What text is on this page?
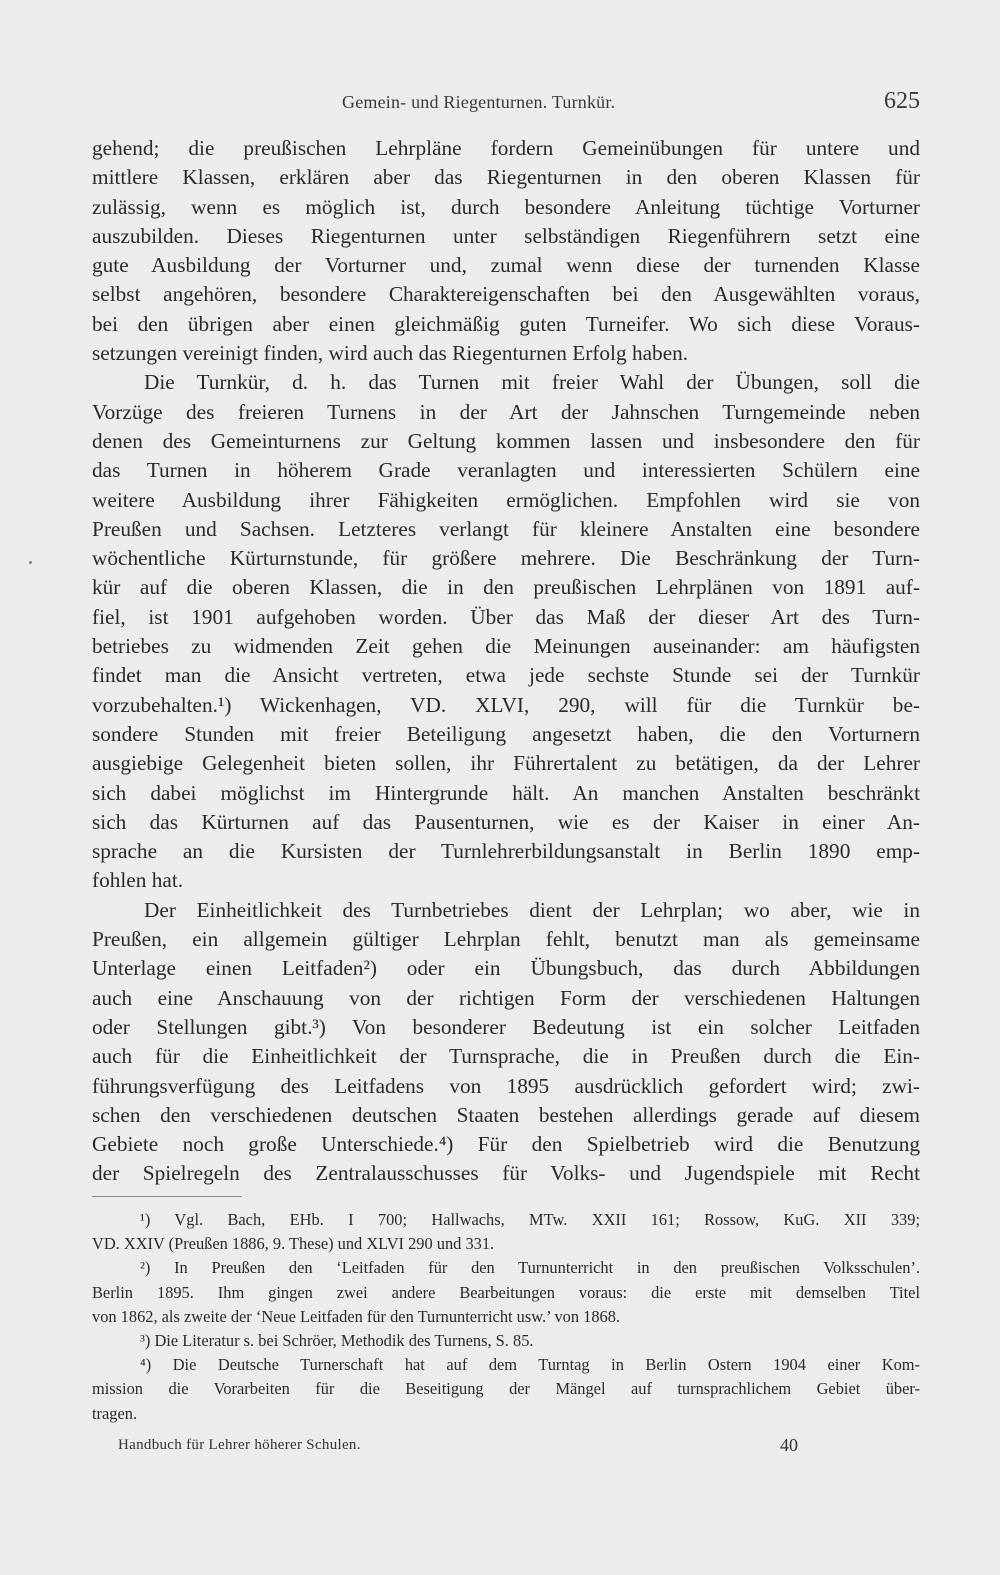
Gemein- und Riegenturnen. Turnkür.	625
gehend; die preußischen Lehrpläne fordern Gemeinübungen für untere und
mittlere Klassen, erklären aber das Riegenturnen in den oberen Klassen für
zulässig, wenn es möglich ist, durch besondere Anleitung tüchtige Vorturner
auszubilden. Dieses Riegenturnen unter selbständigen Riegenführern setzt eine
gute Ausbildung der Vorturner und, zumal wenn diese der turnenden Klasse
selbst angehören, besondere Charaktereigenschaften bei den Ausgewählten voraus,
bei den übrigen aber einen gleichmäßig guten Turneifer. Wo sich diese Voraus-
setzungen vereinigt finden, wird auch das Riegenturnen Erfolg haben.
Die Turnkür, d. h. das Turnen mit freier Wahl der Übungen, soll die
Vorzüge des freieren Turnens in der Art der Jahnschen Turngemeinde neben
denen des Gemeinturnens zur Geltung kommen lassen und insbesondere den für
das Turnen in höherem Grade veranlagten und interessierten Schülern eine
weitere Ausbildung ihrer Fähigkeiten ermöglichen. Empfohlen wird sie von
Preußen und Sachsen. Letzteres verlangt für kleinere Anstalten eine besondere
wöchentliche Kürturnstunde, für größere mehrere. Die Beschränkung der Turn-
kür auf die oberen Klassen, die in den preußischen Lehrplänen von 1891 auf-
fiel, ist 1901 aufgehoben worden. Über das Maß der dieser Art des Turn-
betriebes zu widmenden Zeit gehen die Meinungen auseinander: am häufigsten
findet man die Ansicht vertreten, etwa jede sechste Stunde sei der Turnkür
vorzubehalten.¹) Wickenhagen, VD. XLVI, 290, will für die Turnkür be-
sondere Stunden mit freier Beteiligung angesetzt haben, die den Vorturnern
ausgiebige Gelegenheit bieten sollen, ihr Führertalent zu betätigen, da der Lehrer
sich dabei möglichst im Hintergrunde hält. An manchen Anstalten beschränkt
sich das Kürturnen auf das Pausenturnen, wie es der Kaiser in einer An-
sprache an die Kursisten der Turnlehrerbildungsanstalt in Berlin 1890 emp-
fohlen hat.
Der Einheitlichkeit des Turnbetriebes dient der Lehrplan; wo aber, wie in
Preußen, ein allgemein gültiger Lehrplan fehlt, benutzt man als gemeinsame
Unterlage einen Leitfaden²) oder ein Übungsbuch, das durch Abbildungen
auch eine Anschauung von der richtigen Form der verschiedenen Haltungen
oder Stellungen gibt.³) Von besonderer Bedeutung ist ein solcher Leitfaden
auch für die Einheitlichkeit der Turnsprache, die in Preußen durch die Ein-
führungsverfügung des Leitfadens von 1895 ausdrücklich gefordert wird; zwi-
schen den verschiedenen deutschen Staaten bestehen allerdings gerade auf diesem
Gebiete noch große Unterschiede.⁴) Für den Spielbetrieb wird die Benutzung
der Spielregeln des Zentralausschusses für Volks- und Jugendspiele mit Recht
¹) Vgl. Bach, EHb. I 700; Hallwachs, MTw. XXII 161; Rossow, KuG. XII 339;
VD. XXIV (Preußen 1886, 9. These) und XLVI 290 und 331.
²) In Preußen den ‘Leitfaden für den Turnunterricht in den preußischen Volksschulen’.
Berlin 1895. Ihm gingen zwei andere Bearbeitungen voraus: die erste mit demselben Titel
von 1862, als zweite der ‘Neue Leitfaden für den Turnunterricht usw.’ von 1868.
³) Die Literatur s. bei Schröer, Methodik des Turnens, S. 85.
⁴) Die Deutsche Turnerschaft hat auf dem Turntag in Berlin Ostern 1904 einer Kom-
mission die Vorarbeiten für die Beseitigung der Mängel auf turnsprachlichem Gebiet über-
tragen.
Handbuch für Lehrer höherer Schulen.	40
